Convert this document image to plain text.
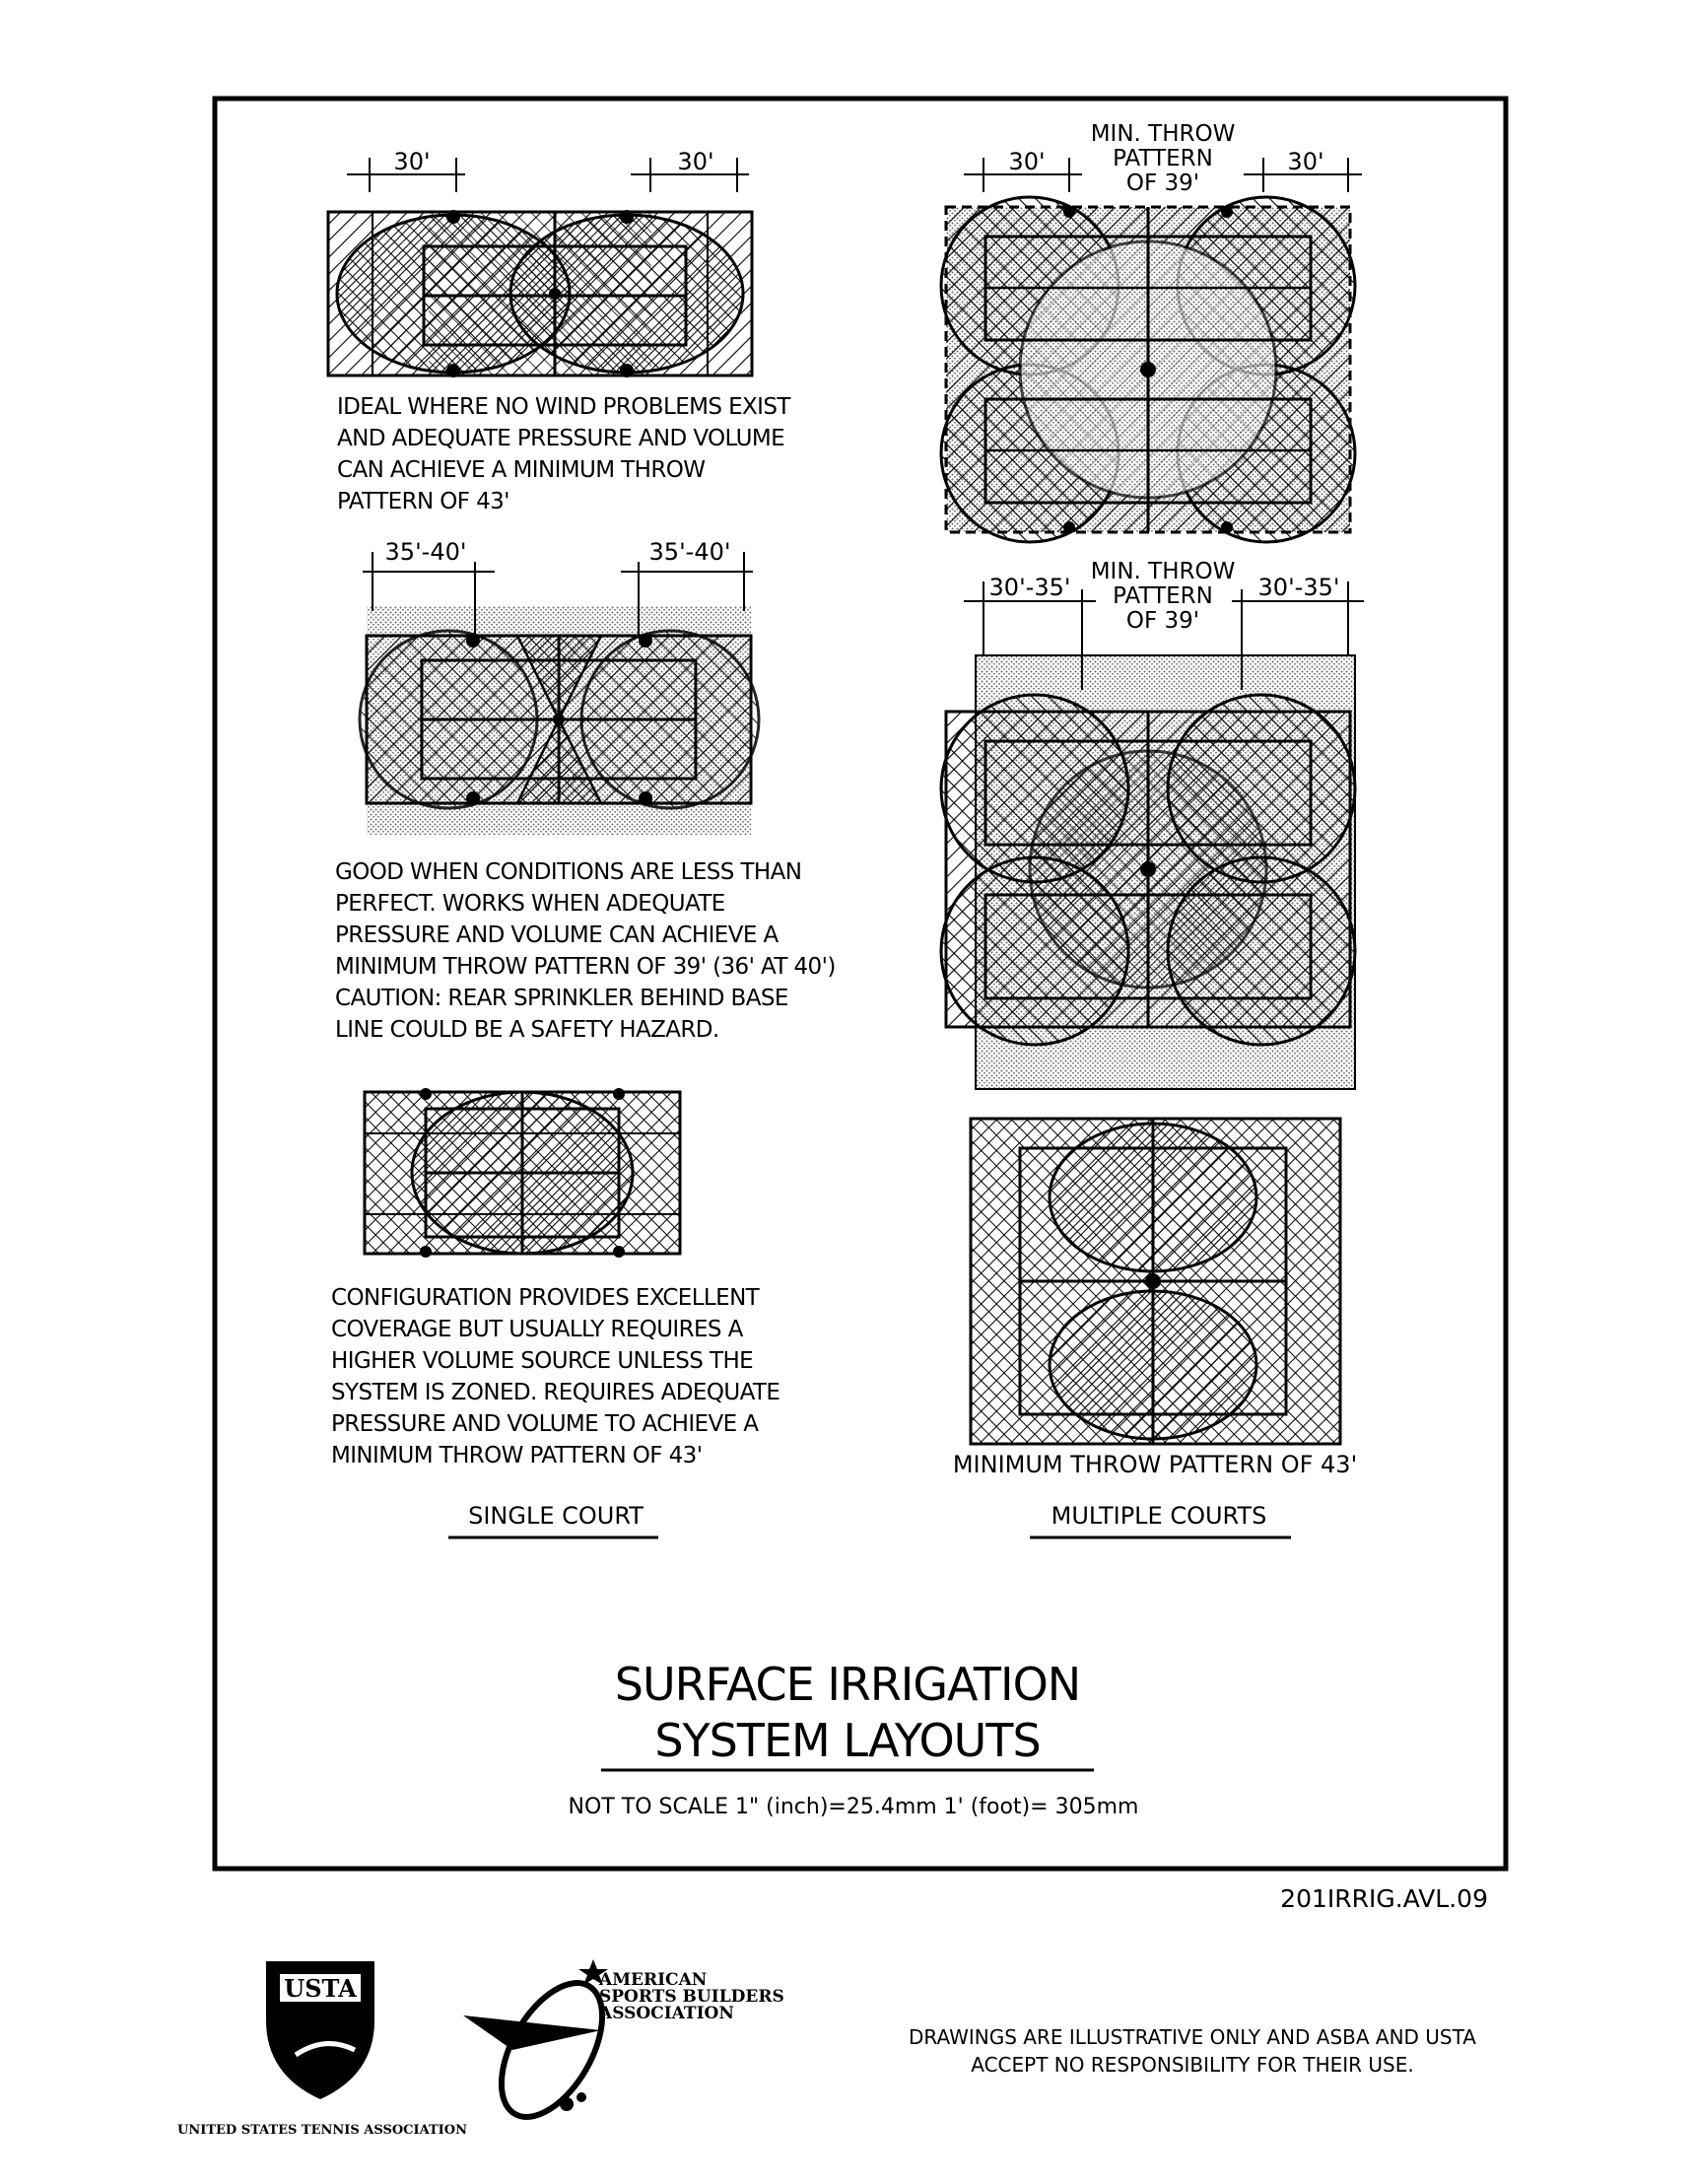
30'	30'
IDEAL WHERE NO WIND PROBLEMS EXIST
AND ADEQUATE PRESSURE AND VOLUME
CAN ACHIEVE A MINIMUM THROW
PATTERN OF 43'
35'-40'	35'-40'
GOOD WHEN CONDITIONS ARE LESS THAN
PERFECT. WORKS WHEN ADEQUATE
PRESSURE AND VOLUME CAN ACHIEVE A
MINIMUM THROW PATTERN OF 39' (36' AT 40')
CAUTION: REAR SPRINKLER BEHIND BASE
LINE COULD BE A SAFETY HAZARD.
CONFIGURATION PROVIDES EXCELLENT
COVERAGE BUT USUALLY REQUIRES A
HIGHER VOLUME SOURCE UNLESS THE
SYSTEM IS ZONED. REQUIRES ADEQUATE
PRESSURE AND VOLUME TO ACHIEVE A
MINIMUM THROW PATTERN OF 43'
SINGLE COURT
30'	30'
MIN. THROW
PATTERN
OF 39'
30'-35'	30'-35'
MIN. THROW
PATTERN
OF 39'
MINIMUM THROW PATTERN OF 43'
MULTIPLE COURTS
SURFACE IRRIGATION
SYSTEM LAYOUTS
NOT TO SCALE 1" (inch)=25.4mm 1' (foot)= 305mm
201IRRIG.AVL.09
USTA
UNITED STATES TENNIS ASSOCIATION
AMERICAN
SPORTS BUILDERS
ASSOCIATION
DRAWINGS ARE ILLUSTRATIVE ONLY AND ASBA AND USTA
ACCEPT NO RESPONSIBILITY FOR THEIR USE.
